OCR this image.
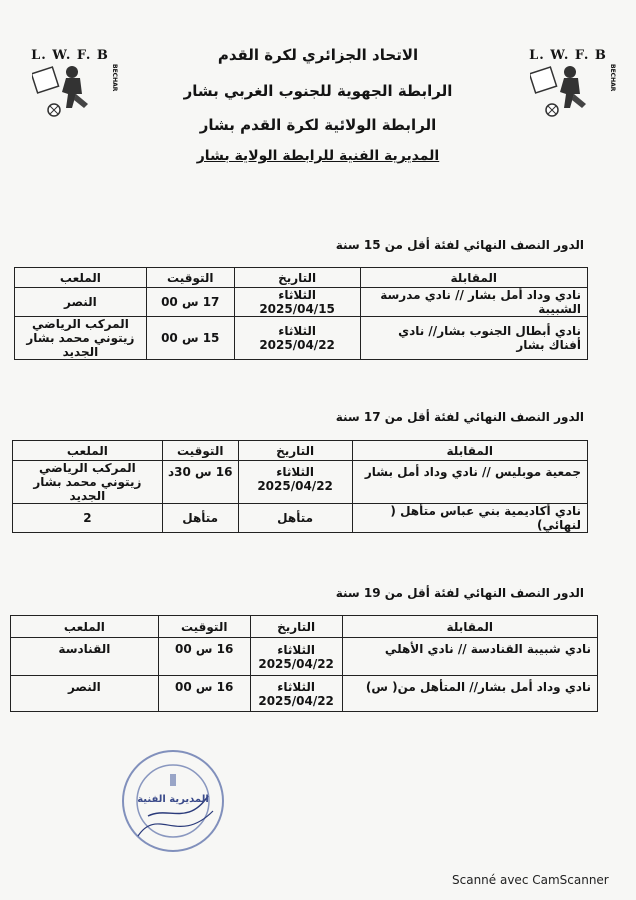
L. W. F. B
BECHAR
L. W. F. B
BECHAR
الاتحاد الجزائري لكرة القدم
الرابطة الجهوية للجنوب الغربي بشار
الرابطة الولائية لكرة القدم بشار
المديرية الفنية للرابطة الولاية بشار
الدور النصف النهائي لفئة أقل من 15 سنة
المقابلة	التاريخ	التوقيت	الملعب
نادي وداد أمل بشار // نادي مدرسة الشبيبة	الثلاثاء 2025/04/15	17 س 00	النصر
نادي أبطال الجنوب بشار// نادي أفناك بشار	الثلاثاء 2025/04/22	15 س 00	المركب الرياضي زيتوني محمد بشار الجديد
الدور النصف النهائي لفئة أقل من 17 سنة
المقابلة	التاريخ	التوقيت	الملعب
جمعية موبليس // نادي وداد أمل بشار	الثلاثاء 2025/04/22	16 س 30د	المركب الرياضي زيتوني محمد بشار الجديد
نادي أكاديمية بني عباس متأهل ( لنهائي)	متأهل	متأهل	2
الدور النصف النهائي لفئة أقل من 19 سنة
المقابلة	التاريخ	التوقيت	الملعب
نادي شبيبة القنادسة // نادي الأهلي	الثلاثاء 2025/04/22	16 س 00	القنادسة
نادي وداد أمل بشار// المتأهل من( س)	الثلاثاء 2025/04/22	16 س 00	النصر
المديرية الفنية
Scanné avec CamScanner
